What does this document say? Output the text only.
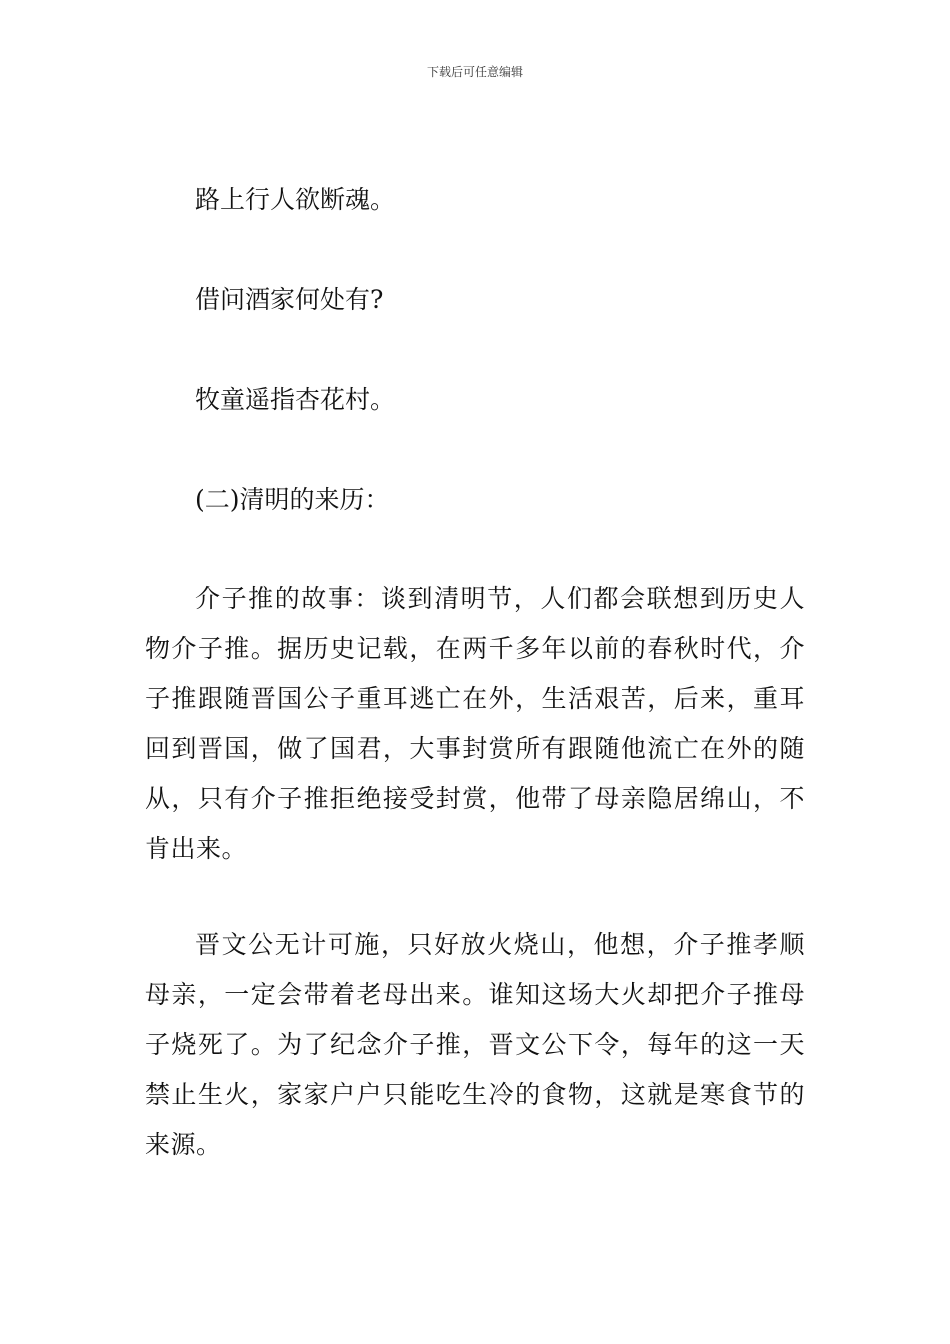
下载后可任意编辑
路上行人欲断魂。
借问酒家何处有?
牧童遥指杏花村。
(二)清明的来历：
介子推的故事：谈到清明节，人们都会联想到历史人物介子推。据历史记载，在两千多年以前的春秋时代，介子推跟随晋国公子重耳逃亡在外，生活艰苦，后来，重耳回到晋国，做了国君，大事封赏所有跟随他流亡在外的随从，只有介子推拒绝接受封赏，他带了母亲隐居绵山，不肯出来。
晋文公无计可施，只好放火烧山，他想，介子推孝顺母亲，一定会带着老母出来。谁知这场大火却把介子推母子烧死了。为了纪念介子推，晋文公下令，每年的这一天禁止生火，家家户户只能吃生冷的食物，这就是寒食节的来源。
